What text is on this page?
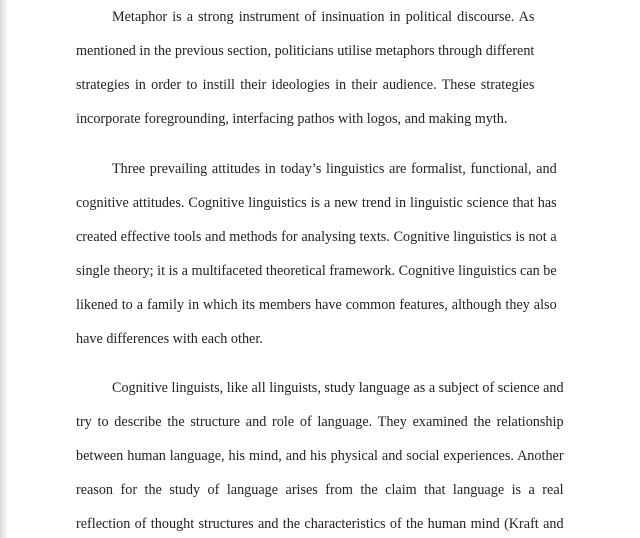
Metaphor is a strong instrument of insinuation in political discourse. As
mentioned in the previous section, politicians utilise metaphors through different
strategies in order to instill their ideologies in their audience. These strategies
incorporate foregrounding, interfacing pathos with logos, and making myth.
Three prevailing attitudes in today’s linguistics are formalist, functional, and
cognitive attitudes. Cognitive linguistics is a new trend in linguistic science that has
created effective tools and methods for analysing texts. Cognitive linguistics is not a
single theory; it is a multifaceted theoretical framework. Cognitive linguistics can be
likened to a family in which its members have common features, although they also
have differences with each other.
Cognitive linguists, like all linguists, study language as a subject of science and
try to describe the structure and role of language. They examined the relationship
between human language, his mind, and his physical and social experiences. Another
reason for the study of language arises from the claim that language is a real
reflection of thought structures and the characteristics of the human mind (Kraft and
